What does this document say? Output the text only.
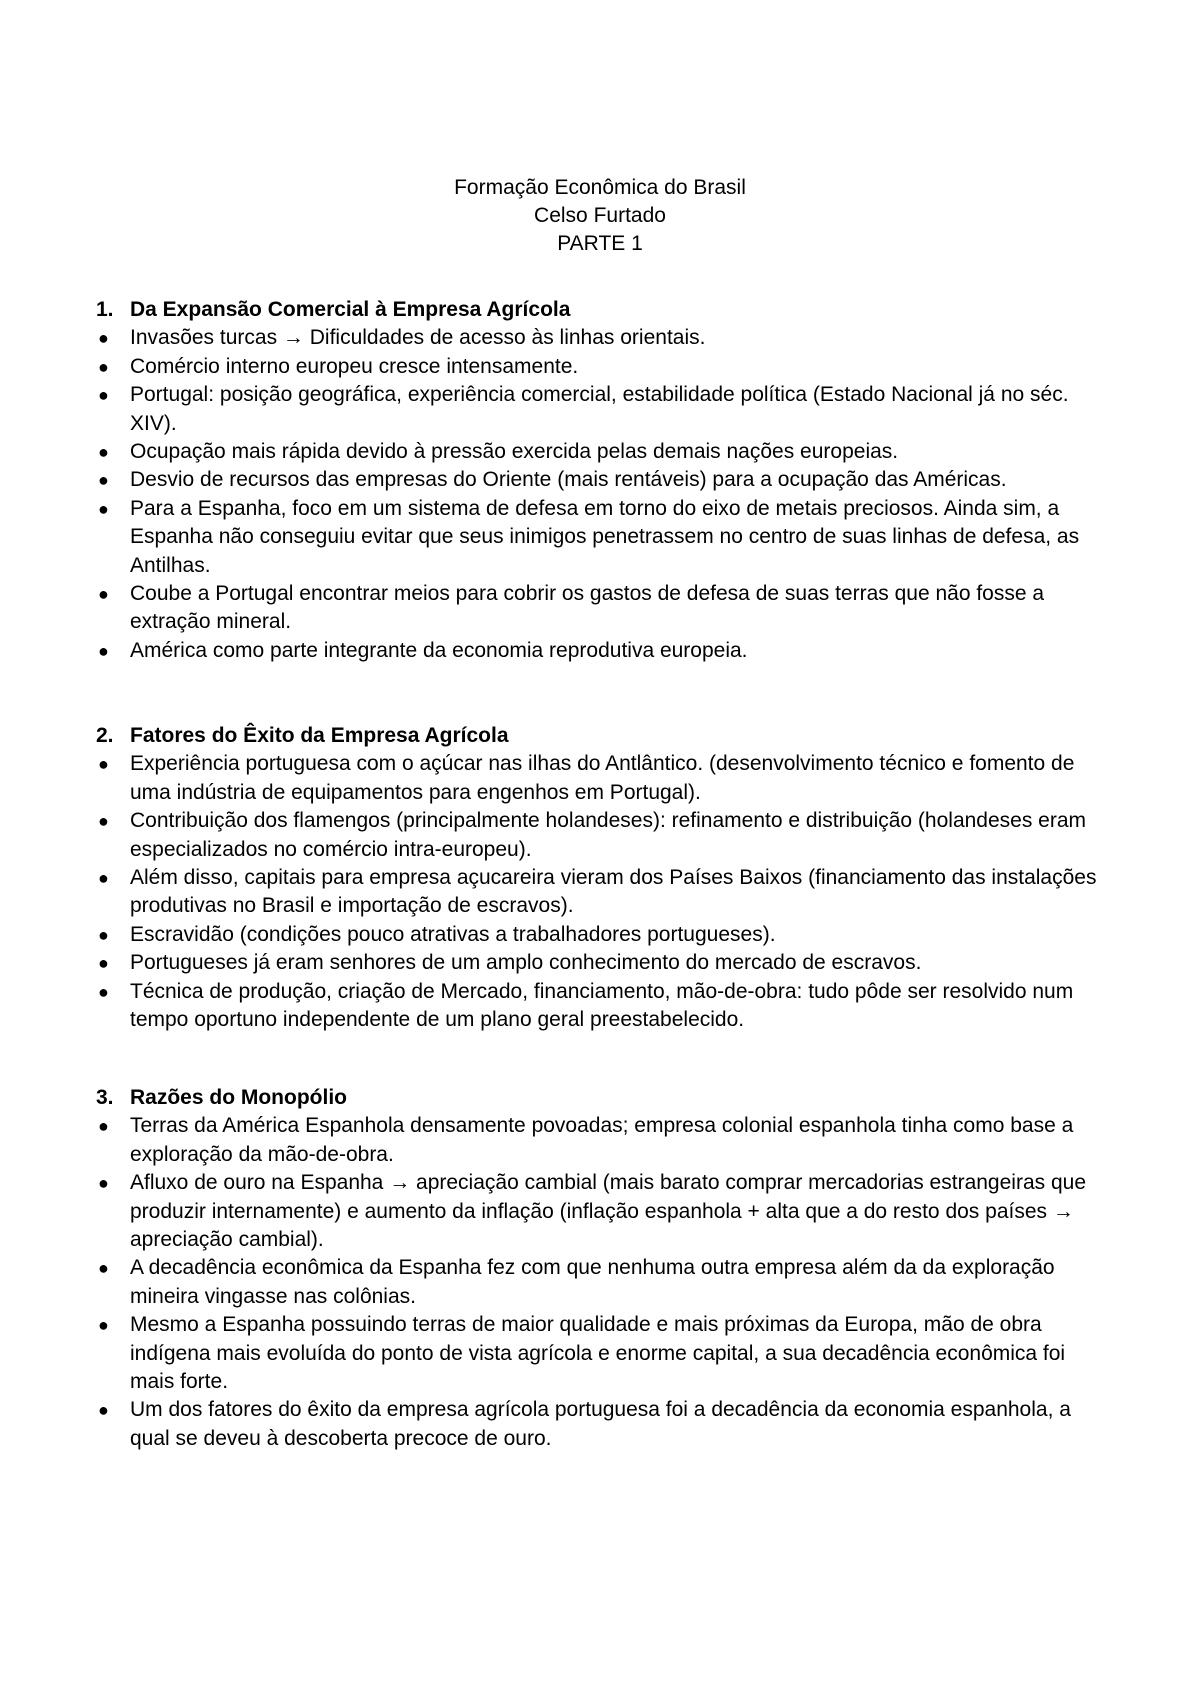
Formação Econômica do Brasil
Celso Furtado
PARTE 1
1. Da Expansão Comercial à Empresa Agrícola
●	Invasões turcas → Dificuldades de acesso às linhas orientais.
●	Comércio interno europeu cresce intensamente.
●	Portugal: posição geográfica, experiência comercial, estabilidade política (Estado Nacional já no séc. XIV).
●	Ocupação mais rápida devido à pressão exercida pelas demais nações europeias.
●	Desvio de recursos das empresas do Oriente (mais rentáveis) para a ocupação das Américas.
●	Para a Espanha, foco em um sistema de defesa em torno do eixo de metais preciosos. Ainda sim, a Espanha não conseguiu evitar que seus inimigos penetrassem no centro de suas linhas de defesa, as Antilhas.
●	Coube a Portugal encontrar meios para cobrir os gastos de defesa de suas terras que não fosse a extração mineral.
●	América como parte integrante da economia reprodutiva europeia.
2. Fatores do Êxito da Empresa Agrícola
●	Experiência portuguesa com o açúcar nas ilhas do Antlântico. (desenvolvimento técnico e fomento de uma indústria de equipamentos para engenhos em Portugal).
●	Contribuição dos flamengos (principalmente holandeses): refinamento e distribuição (holandeses eram especializados no comércio intra-europeu).
●	Além disso, capitais para empresa açucareira vieram dos Países Baixos (financiamento das instalações produtivas no Brasil e importação de escravos).
●	Escravidão (condições pouco atrativas a trabalhadores portugueses).
●	Portugueses já eram senhores de um amplo conhecimento do mercado de escravos.
●	Técnica de produção, criação de Mercado, financiamento, mão-de-obra: tudo pôde ser resolvido num tempo oportuno independente de um plano geral preestabelecido.
3. Razões do Monopólio
●	Terras da América Espanhola densamente povoadas; empresa colonial espanhola tinha como base a exploração da mão-de-obra.
●	Afluxo de ouro na Espanha → apreciação cambial (mais barato comprar mercadorias estrangeiras que produzir internamente) e aumento da inflação (inflação espanhola + alta que a do resto dos países → apreciação cambial).
●	A decadência econômica da Espanha fez com que nenhuma outra empresa além da da exploração mineira vingasse nas colônias.
●	Mesmo a Espanha possuindo terras de maior qualidade e mais próximas da Europa, mão de obra indígena mais evoluída do ponto de vista agrícola e enorme capital, a sua decadência econômica foi mais forte.
●	Um dos fatores do êxito da empresa agrícola portuguesa foi a decadência da economia espanhola, a qual se deveu à descoberta precoce de ouro.
